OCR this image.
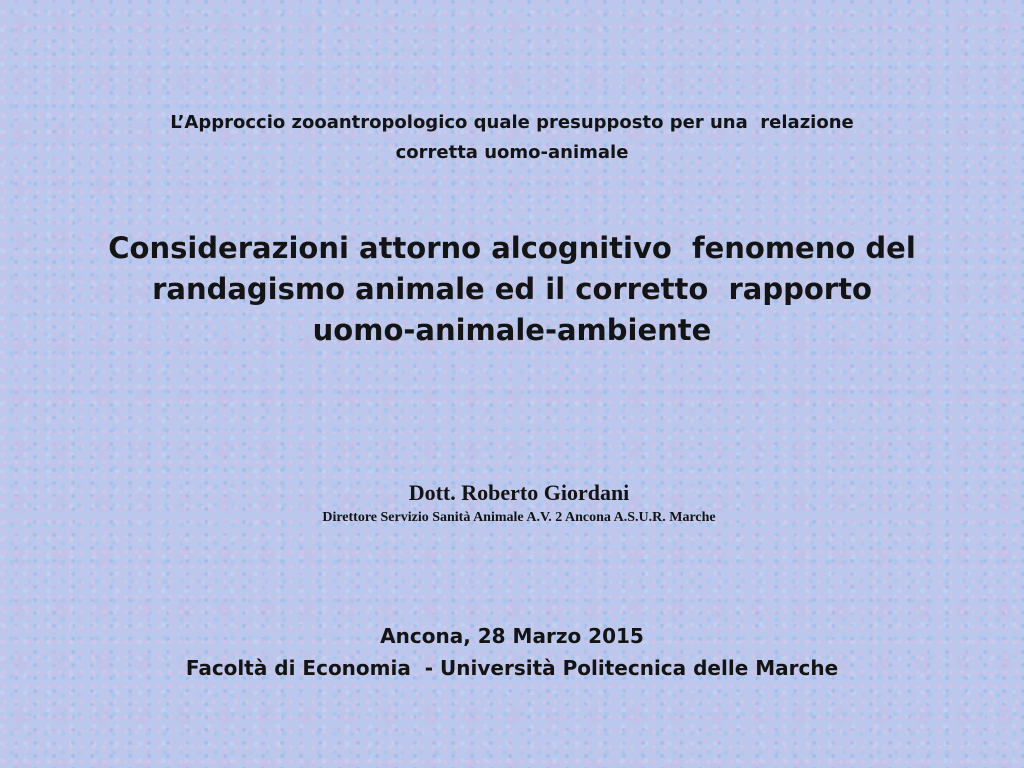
L’Approccio zooantropologico quale presupposto per una  relazione
corretta uomo-animale
Considerazioni attorno alcognitivo  fenomeno del
randagismo animale ed il corretto  rapporto
uomo-animale-ambiente
Dott. Roberto Giordani
Direttore Servizio Sanità Animale A.V. 2 Ancona A.S.U.R. Marche
Ancona, 28 Marzo 2015
Facoltà di Economia  - Università Politecnica delle Marche
